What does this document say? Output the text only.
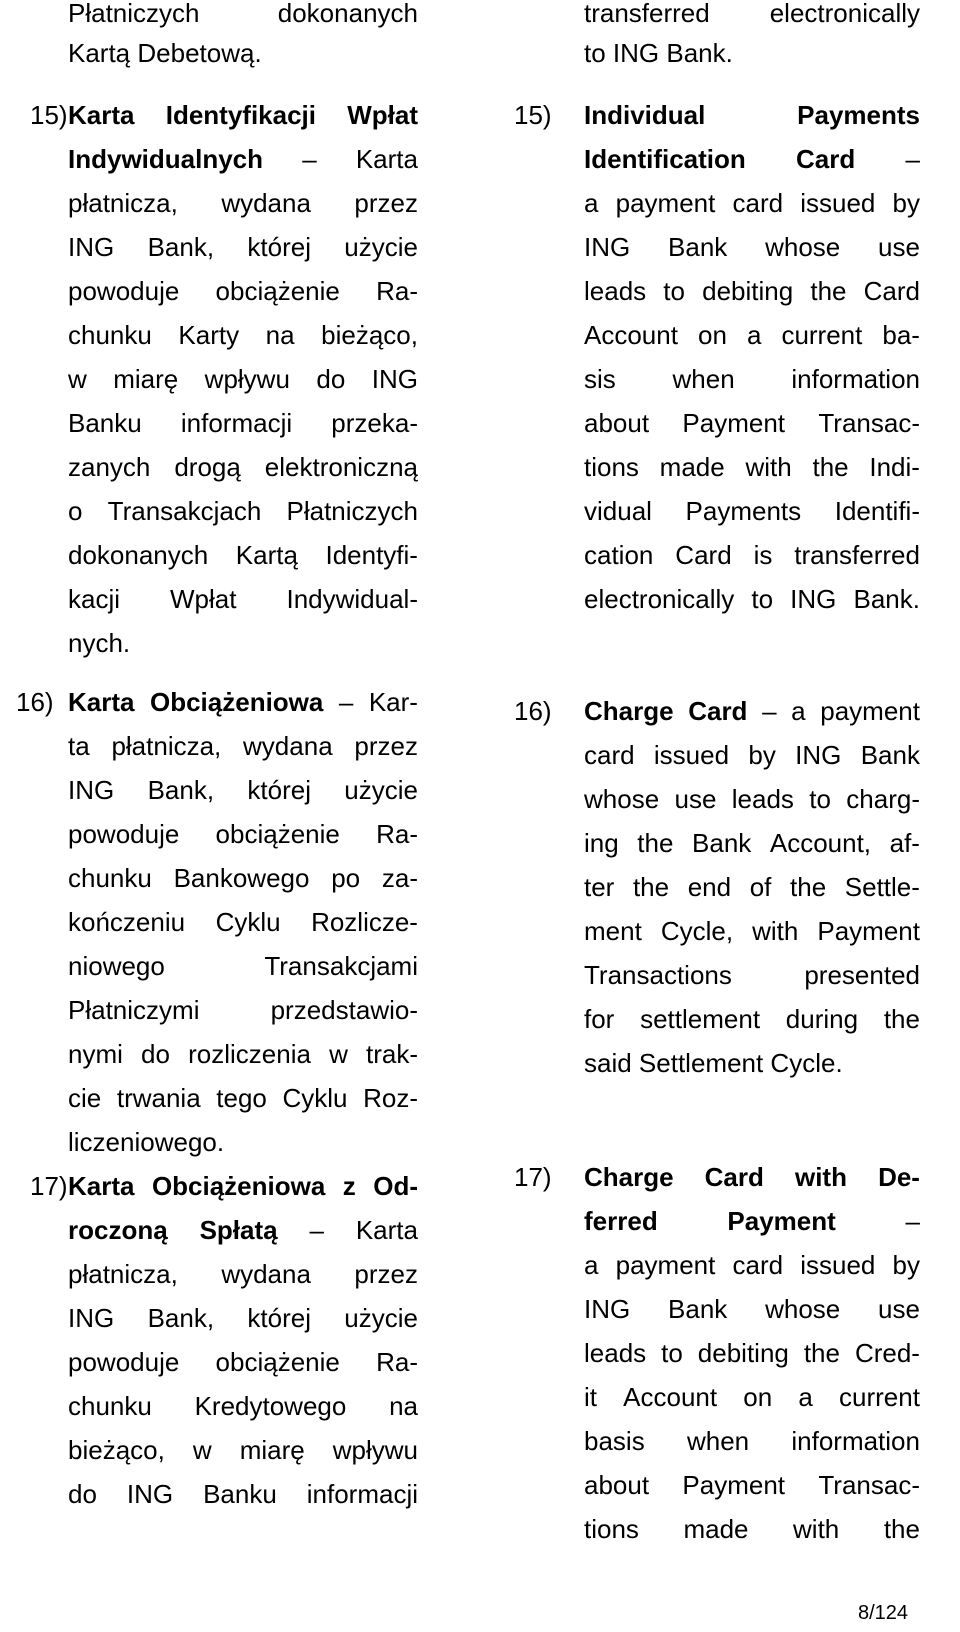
Płatniczych	dokonanych
Kartą Debetową.
15) Karta Identyfikacji Wpłat
Indywidualnych – Karta
płatnicza, wydana przez
ING Bank, której użycie
powoduje obciążenie Ra-
chunku Karty na bieżąco,
w miarę wpływu do ING
Banku informacji przeka-
zanych drogą elektroniczną
o Transakcjach Płatniczych
dokonanych Kartą Identyfi-
kacji Wpłat Indywidual-
nych.
16) Karta Obciążeniowa – Kar-
ta płatnicza, wydana przez
ING Bank, której użycie
powoduje obciążenie Ra-
chunku Bankowego po za-
kończeniu Cyklu Rozlicze-
niowego	Transakcjami
Płatniczymi	przedstawio-
nymi do rozliczenia w trak-
cie trwania tego Cyklu Roz-
liczeniowego.
17) Karta Obciążeniowa z Od-
roczoną Spłatą – Karta
płatnicza, wydana przez
ING Bank, której użycie
powoduje obciążenie Ra-
chunku Kredytowego na
bieżąco, w miarę wpływu
do ING Banku informacji
transferred electronically
to ING Bank.
15) Individual	Payments
Identification Card –
a payment card issued by
ING Bank whose use
leads to debiting the Card
Account on a current ba-
sis when information
about Payment Transac-
tions made with the Indi-
vidual Payments Identifi-
cation Card is transferred
electronically to ING Bank.
16) Charge Card – a payment
card issued by ING Bank
whose use leads to charg-
ing the Bank Account, af-
ter the end of the Settle-
ment Cycle, with Payment
Transactions	presented
for settlement during the
said Settlement Cycle.
17) Charge Card with De-
ferred	Payment	–
a payment card issued by
ING Bank whose use
leads to debiting the Cred-
it Account on a current
basis when information
about Payment Transac-
tions made with the
8/124
